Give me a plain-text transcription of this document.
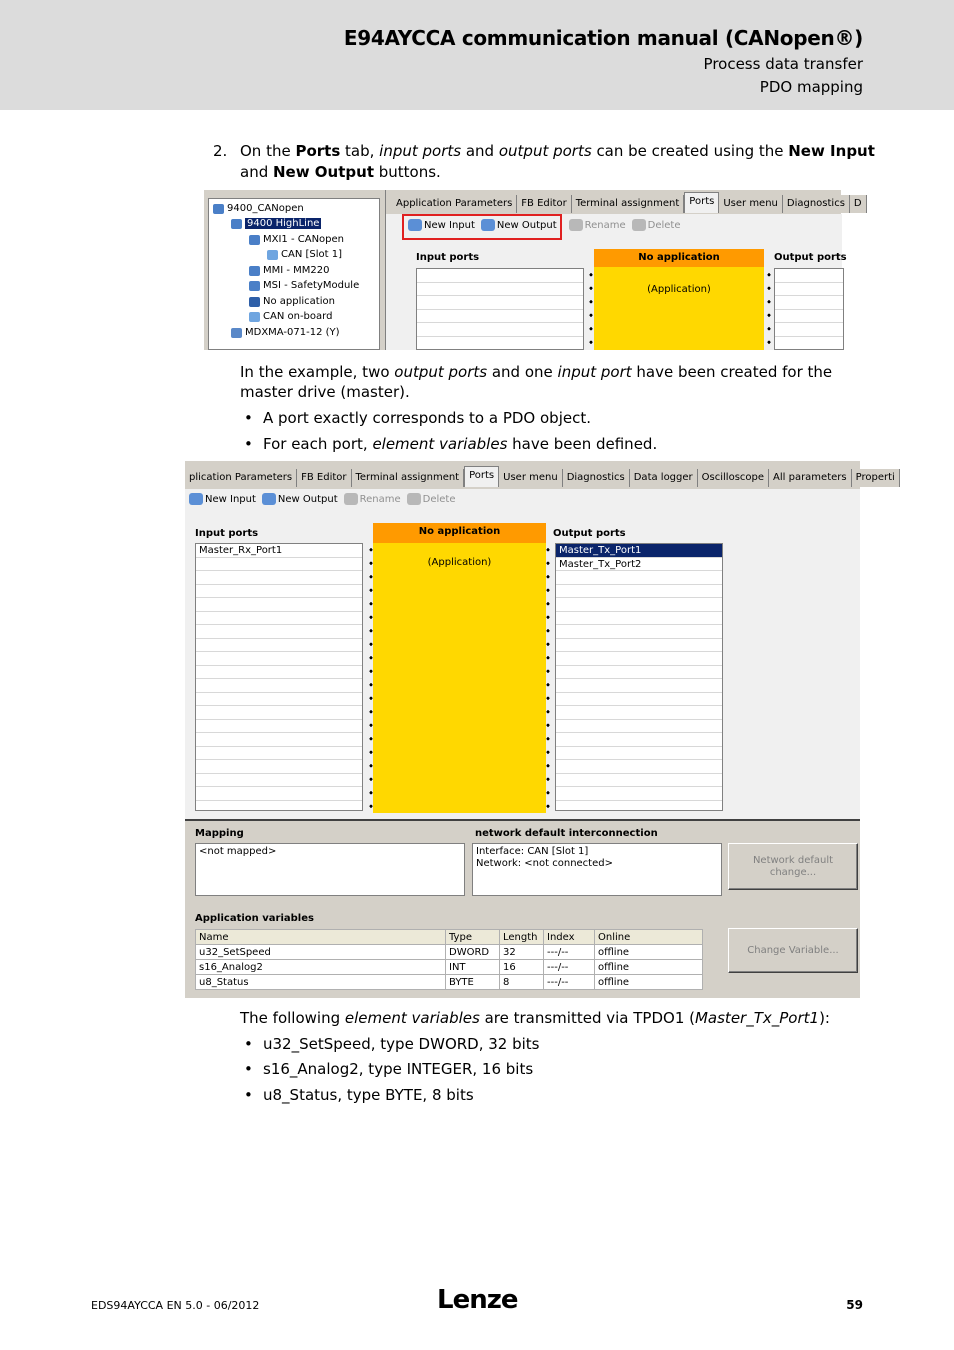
E94AYCCA communication manual (CANopen®)
Process data transfer
PDO mapping
2. On the Ports tab, input ports and output ports can be created using the New Input
and New Output buttons.
9400_CANopen
9400 HighLine
MXI1 - CANopen
CAN [Slot 1]
MMI - MM220
MSI - SafetyModule
No application
CAN on-board
MDXMA-071-12 (Y)
Application Parameters FB Editor Terminal assignment	Ports User menu Diagnostics D
New Input New Output	Rename Delete
Input ports	No application
(Application)
Output ports
In the example, two output ports and one input port have been created for the
master drive (master).
• A port exactly corresponds to a PDO object.
• For each port, element variables have been defined.
plication Parameters FB Editor Terminal assignment	Ports User menu Diagnostics Data logger Oscilloscope All parameters Properti
New Input New Output Rename Delete
Input ports
Master_Rx_Port1
No application
(Application)
Output ports
Master_Tx_Port1
Master_Tx_Port2
Mapping
<not mapped>
network default interconnection
Interface: CAN [Slot 1]
Network: <not connected>	Network default change...
Application variables
Name	Type	Length	Index	Online
u32_SetSpeed	DWORD	32	---/--	offline
s16_Analog2	INT	16	---/--	offline
u8_Status	BYTE	8	---/--	offline
Change Variable...
The following element variables are transmitted via TPDO1 (Master_Tx_Port1):
• u32_SetSpeed, type DWORD, 32 bits
• s16_Analog2, type INTEGER, 16 bits
• u8_Status, type BYTE, 8 bits
EDS94AYCCA EN 5.0 - 06/2012	Lenze	59
